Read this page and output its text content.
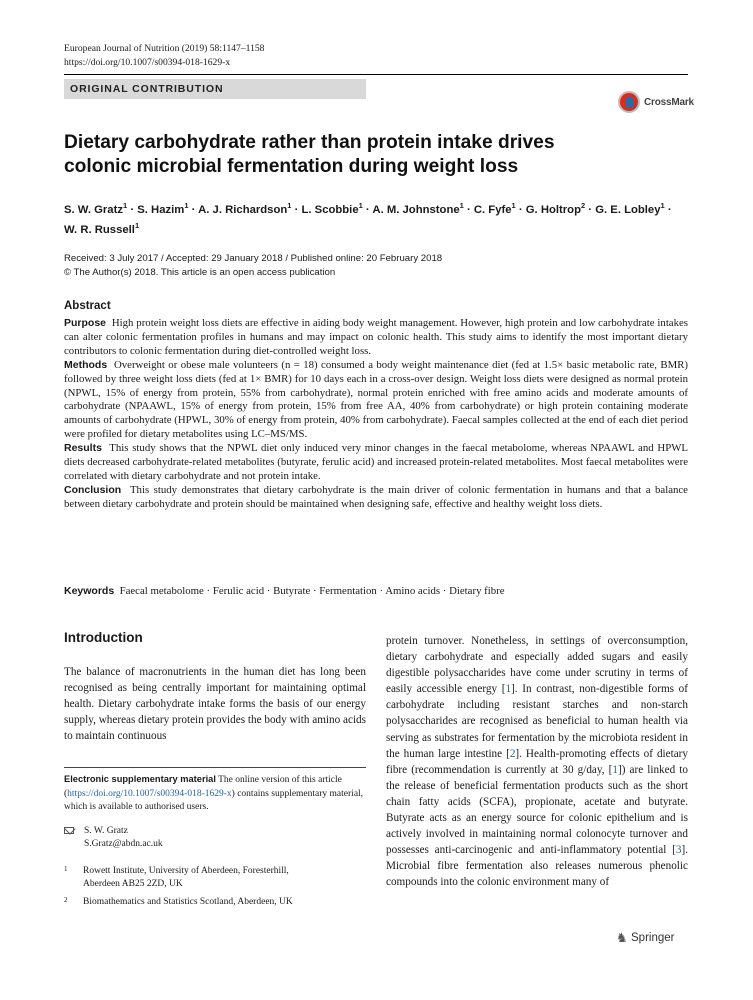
European Journal of Nutrition (2019) 58:1147–1158
https://doi.org/10.1007/s00394-018-1629-x
ORIGINAL CONTRIBUTION
CrossMark
Dietary carbohydrate rather than protein intake drives colonic microbial fermentation during weight loss
S. W. Gratz$^1$ · S. Hazim$^1$ · A. J. Richardson$^1$ · L. Scobbie$^1$ · A. M. Johnstone$^1$ · C. Fyfe$^1$ · G. Holtrop$^2$ · G. E. Lobley$^1$ ·
W. R. Russell$^1$
Received: 3 July 2017 / Accepted: 29 January 2018 / Published online: 20 February 2018
© The Author(s) 2018. This article is an open access publication
Abstract

Purpose High protein weight loss diets are effective in aiding body weight management. However, high protein and low carbohydrate intakes can alter colonic fermentation profiles in humans and may impact on colonic health. This study aims to identify the most important dietary contributors to colonic fermentation during diet-controlled weight loss.

Methods Overweight or obese male volunteers (n = 18) consumed a body weight maintenance diet (fed at 1.5× basic metabolic rate, BMR) followed by three weight loss diets (fed at 1× BMR) for 10 days each in a cross-over design. Weight loss diets were designed as normal protein (NPWL, 15% of energy from protein, 55% from carbohydrate), normal protein enriched with free amino acids and moderate amounts of carbohydrate (NPAAWL, 15% of energy from protein, 15% from free AA, 40% from carbohydrate) or high protein containing moderate amounts of carbohydrate (HPWL, 30% of energy from protein, 40% from carbohydrate). Faecal samples collected at the end of each diet period were profiled for dietary metabolites using LC–MS/MS.

Results This study shows that the NPWL diet only induced very minor changes in the faecal metabolome, whereas NPAAWL and HPWL diets decreased carbohydrate-related metabolites (butyrate, ferulic acid) and increased protein-related metabolites. Most faecal metabolites were correlated with dietary carbohydrate and not protein intake.

Conclusion This study demonstrates that dietary carbohydrate is the main driver of colonic fermentation in humans and that a balance between dietary carbohydrate and protein should be maintained when designing safe, effective and healthy weight loss diets.

Keywords Faecal metabolome · Ferulic acid · Butyrate · Fermentation · Amino acids · Dietary fibre
Introduction

The balance of macronutrients in the human diet has long been recognised as being centrally important for maintaining optimal health. Dietary carbohydrate intake forms the basis of our energy supply, whereas dietary protein provides the body with amino acids to maintain continuous

protein turnover. Nonetheless, in settings of overconsumption, dietary carbohydrate and especially added sugars and easily digestible polysaccharides have come under scrutiny in terms of easily accessible energy [1]. In contrast, non-digestible forms of carbohydrate including resistant starches and non-starch polysaccharides are recognised as beneficial to human health via serving as substrates for fermentation by the microbiota resident in the human large intestine [2]. Health-promoting effects of dietary fibre (recommendation is currently at 30 g/day, [1]) are linked to the release of beneficial fermentation products such as the short chain fatty acids (SCFA), propionate, acetate and butyrate. Butyrate acts as an energy source for colonic epithelium and is actively involved in maintaining normal colonocyte turnover and possesses anti-carcinogenic and anti-inflammatory potential [3]. Microbial fibre fermentation also releases numerous phenolic compounds into the colonic environment many of

Electronic supplementary material The online version of this article (https://doi.org/10.1007/s00394-018-1629-x) contains supplementary material, which is available to authorised users.
S. W. Gratz
S.Gratz@abdn.ac.uk
1 Rowett Institute, University of Aberdeen, Foresterhill,
Aberdeen AB25 2ZD, UK
2 Biomathematics and Statistics Scotland, Aberdeen, UK
♞ Springer
